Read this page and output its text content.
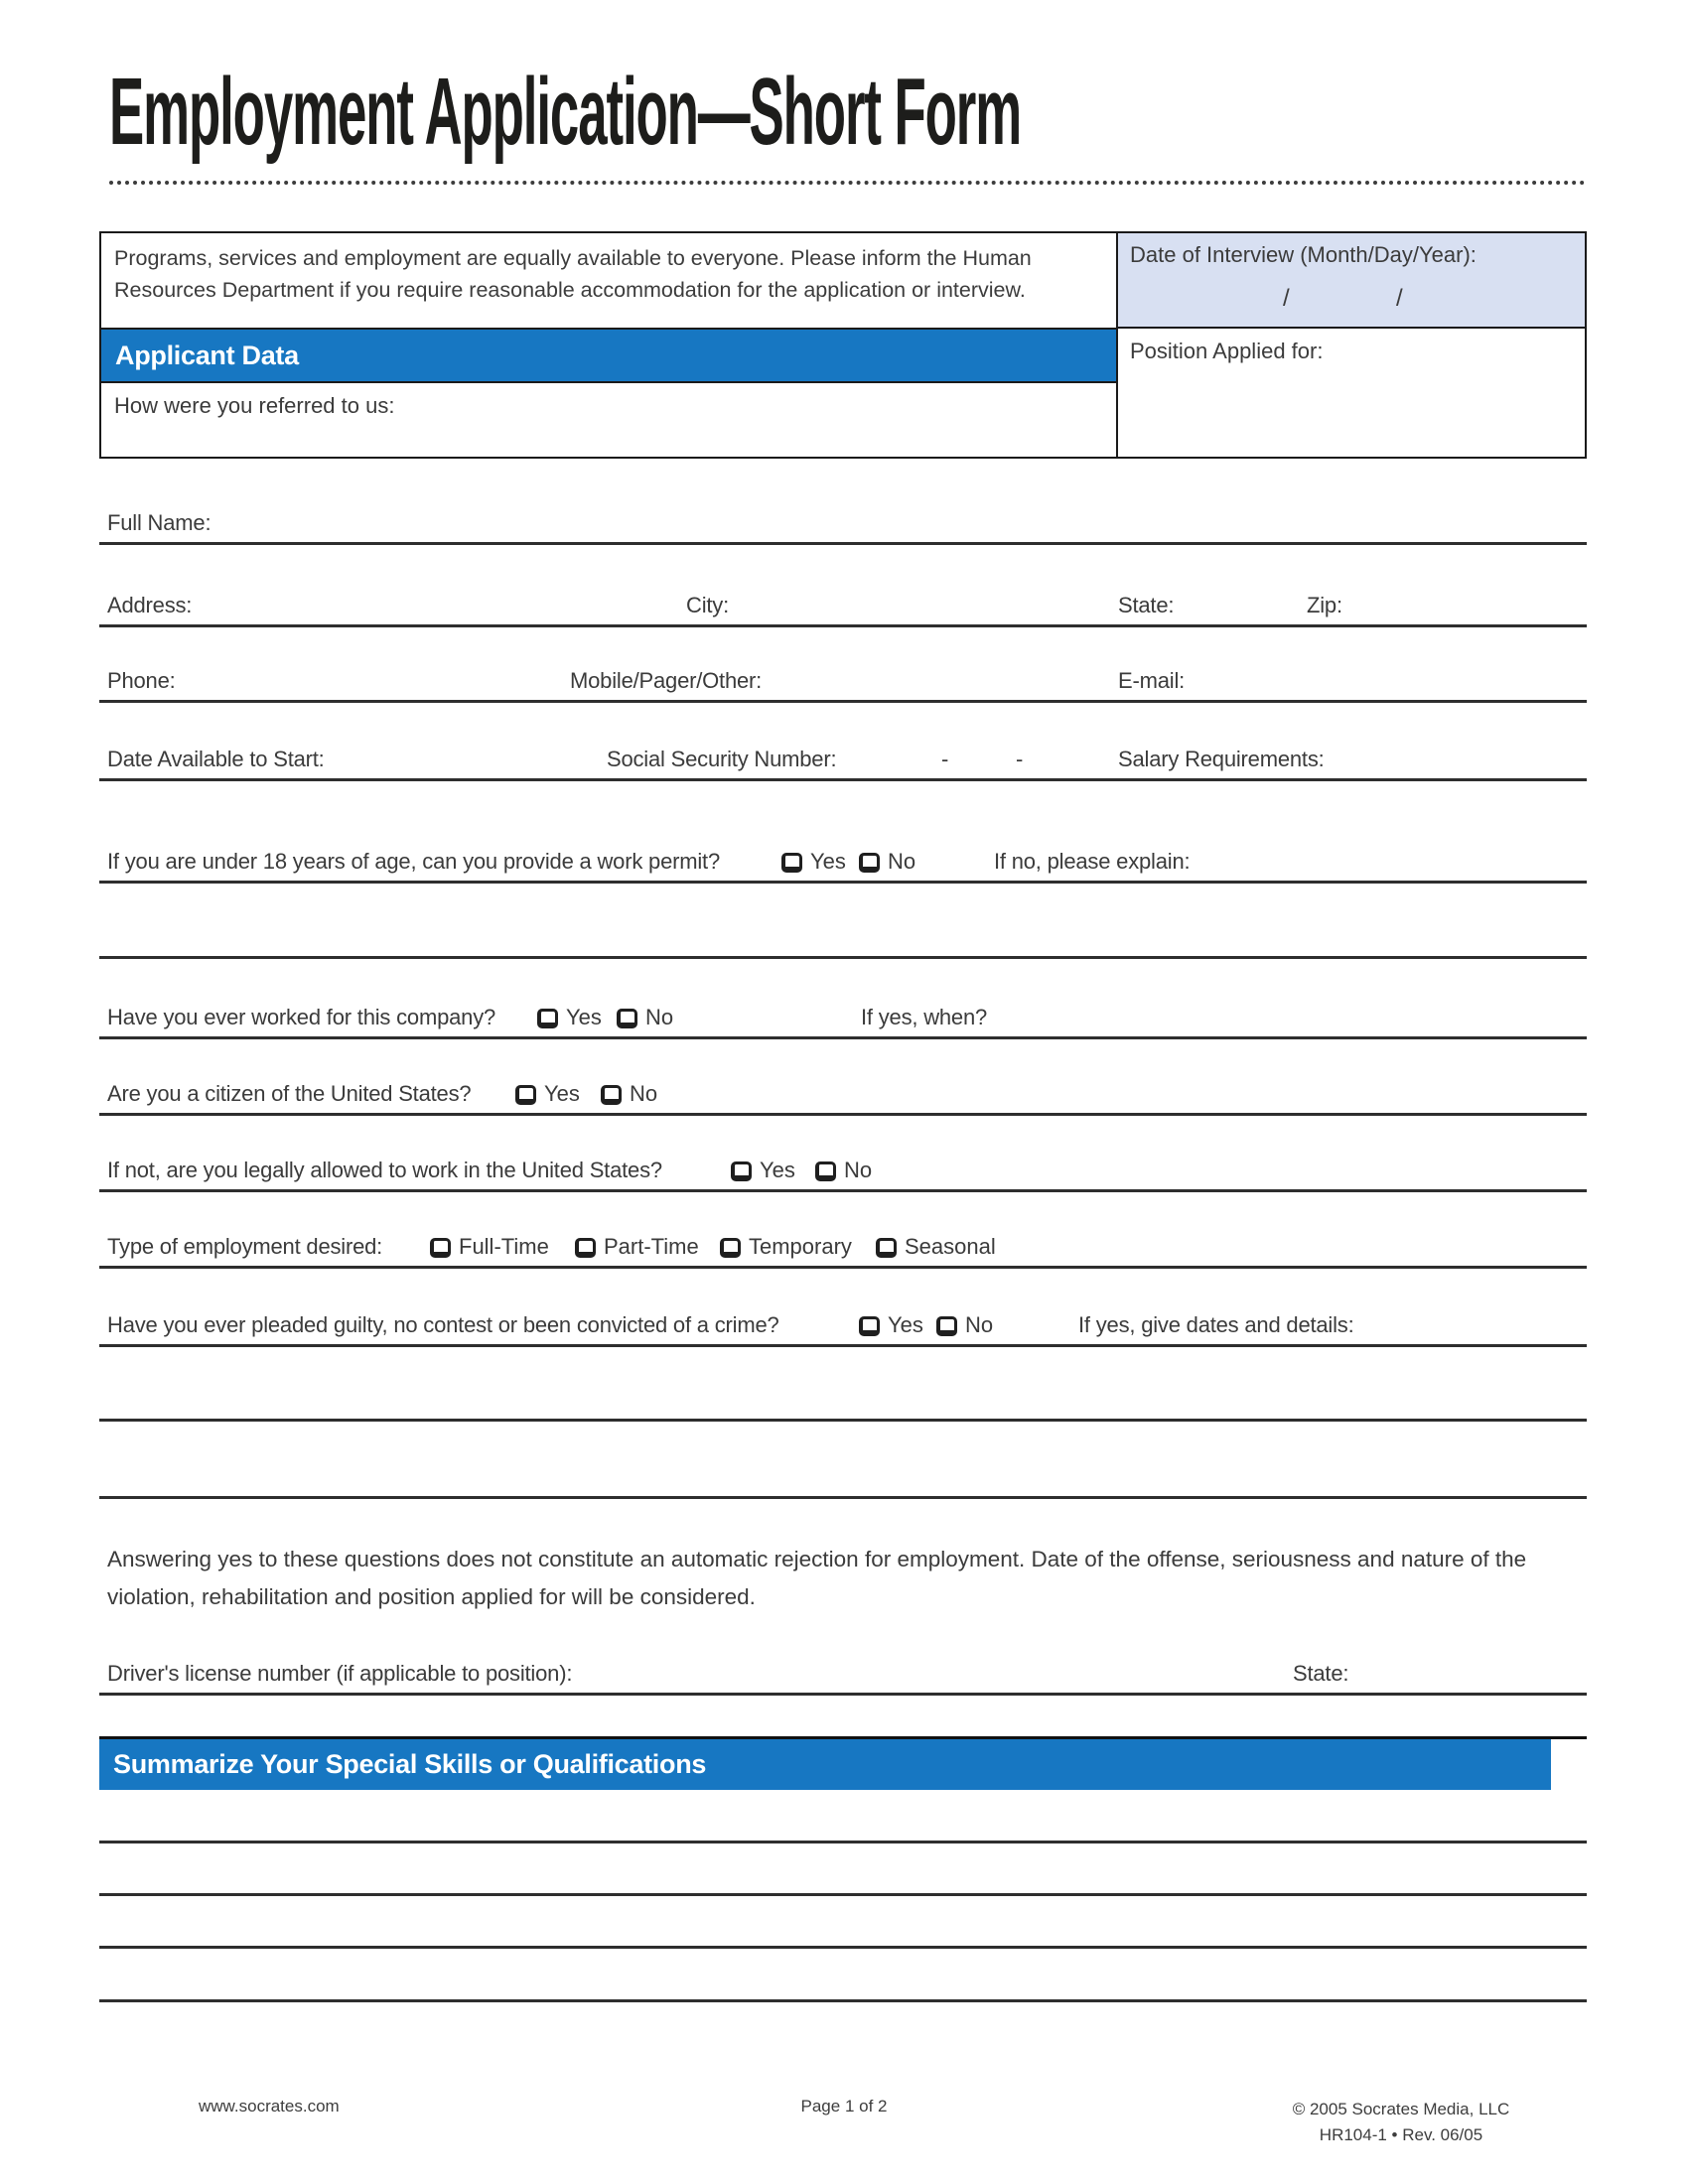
Employment Application—Short Form
Programs, services and employment are equally available to everyone. Please inform the Human Resources Department if you require reasonable accommodation for the application or interview.
Date of Interview (Month/Day/Year):
/	/
Applicant Data	Position Applied for:
How were you referred to us:
Full Name:
Address:	City:	State:	Zip:
Phone:	Mobile/Pager/Other:	E-mail:
Date Available to Start:	Social Security Number:	-	-	Salary Requirements:
If you are under 18 years of age, can you provide a work permit?	Yes	No	If no, please explain:
Have you ever worked for this company?	Yes	No	If yes, when?
Are you a citizen of the United States?	Yes	No
If not, are you legally allowed to work in the United States?	Yes	No
Type of employment desired:	Full-Time	Part-Time	Temporary	Seasonal
Have you ever pleaded guilty, no contest or been convicted of a crime?	Yes	No	If yes, give dates and details:
Answering yes to these questions does not constitute an automatic rejection for employment. Date of the offense, seriousness and nature of the violation, rehabilitation and position applied for will be considered.
Driver's license number (if applicable to position):	State:
Summarize Your Special Skills or Qualifications
www.socrates.com	Page 1 of 2	© 2005 Socrates Media, LLC
HR104-1 • Rev. 06/05
